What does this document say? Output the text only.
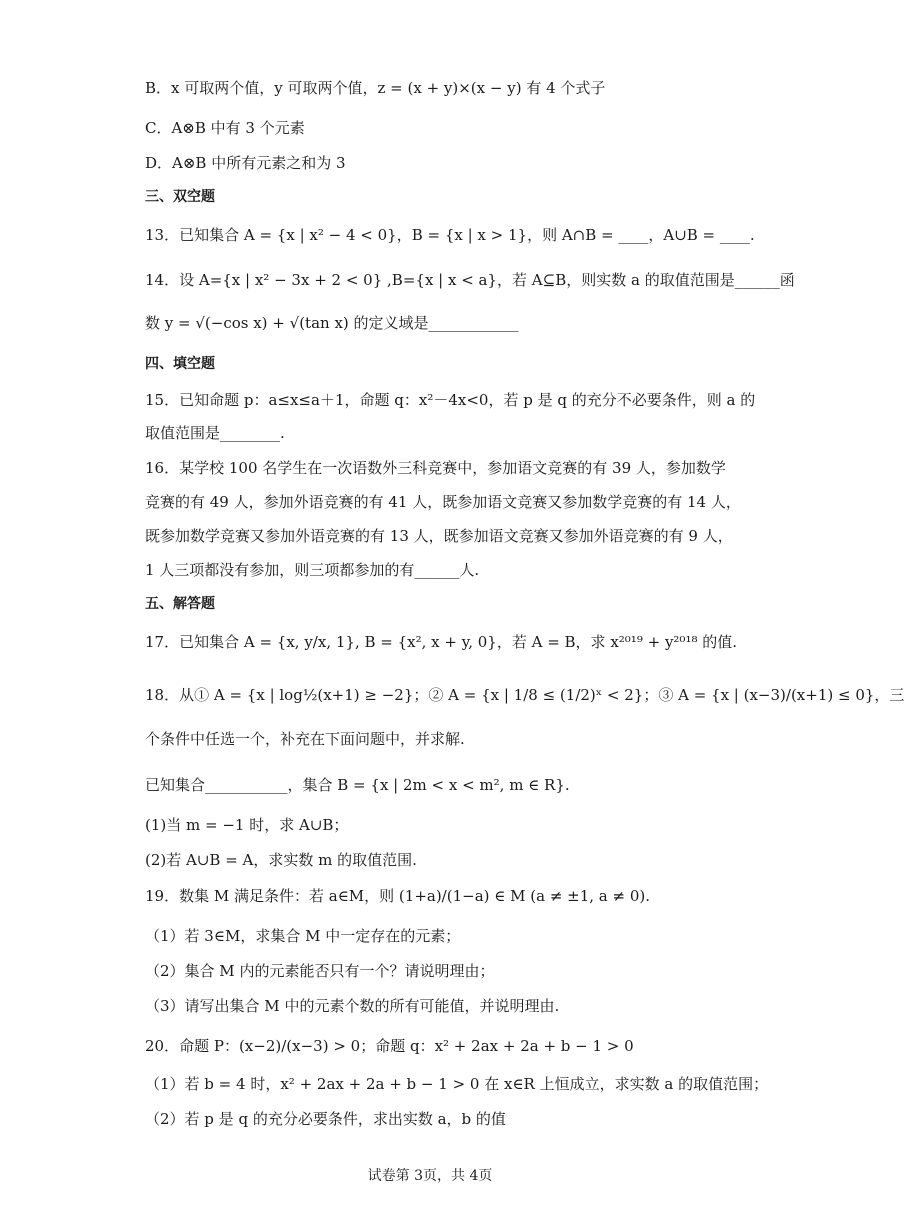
B．x 可取两个值，y 可取两个值，z = (x + y)×(x − y) 有 4 个式子
C．A⊗B 中有 3 个元素
D．A⊗B 中所有元素之和为 3
三、双空题
13．已知集合 A = {x | x² − 4 < 0}，B = {x | x > 1}，则 A∩B = ____，A∪B = ____.
14．设 A={x | x² − 3x + 2 < 0} ,B={x | x < a}，若 A⊆B，则实数 a 的取值范围是______函
数 y = √(−cos x) + √(tan x) 的定义域是____________
四、填空题
15．已知命题 p：a≤x≤a＋1，命题 q：x²－4x<0，若 p 是 q 的充分不必要条件，则 a 的
取值范围是________.
16．某学校 100 名学生在一次语数外三科竞赛中，参加语文竞赛的有 39 人，参加数学
竞赛的有 49 人，参加外语竞赛的有 41 人，既参加语文竞赛又参加数学竞赛的有 14 人，
既参加数学竞赛又参加外语竞赛的有 13 人，既参加语文竞赛又参加外语竞赛的有 9 人，
1 人三项都没有参加，则三项都参加的有______人.
五、解答题
17．已知集合 A = {x, y/x, 1}, B = {x², x + y, 0}，若 A = B，求 x²⁰¹⁹ + y²⁰¹⁸ 的值.
18．从① A = {x | log½(x+1) ≥ −2}；② A = {x | 1/8 ≤ (1/2)ˣ < 2}；③ A = {x | (x−3)/(x+1) ≤ 0}，三
个条件中任选一个，补充在下面问题中，并求解.
已知集合___________，集合 B = {x | 2m < x < m², m ∈ R}.
(1)当 m = −1 时，求 A∪B；
(2)若 A∪B = A，求实数 m 的取值范围.
19．数集 M 满足条件：若 a∈M，则 (1+a)/(1−a) ∈ M (a ≠ ±1, a ≠ 0).
（1）若 3∈M，求集合 M 中一定存在的元素；
（2）集合 M 内的元素能否只有一个？请说明理由；
（3）请写出集合 M 中的元素个数的所有可能值，并说明理由.
20．命题 P：(x−2)/(x−3) > 0；命题 q：x² + 2ax + 2a + b − 1 > 0
（1）若 b = 4 时，x² + 2ax + 2a + b − 1 > 0 在 x∈R 上恒成立，求实数 a 的取值范围；
（2）若 p 是 q 的充分必要条件，求出实数 a，b 的值
试卷第 3页，共 4页
